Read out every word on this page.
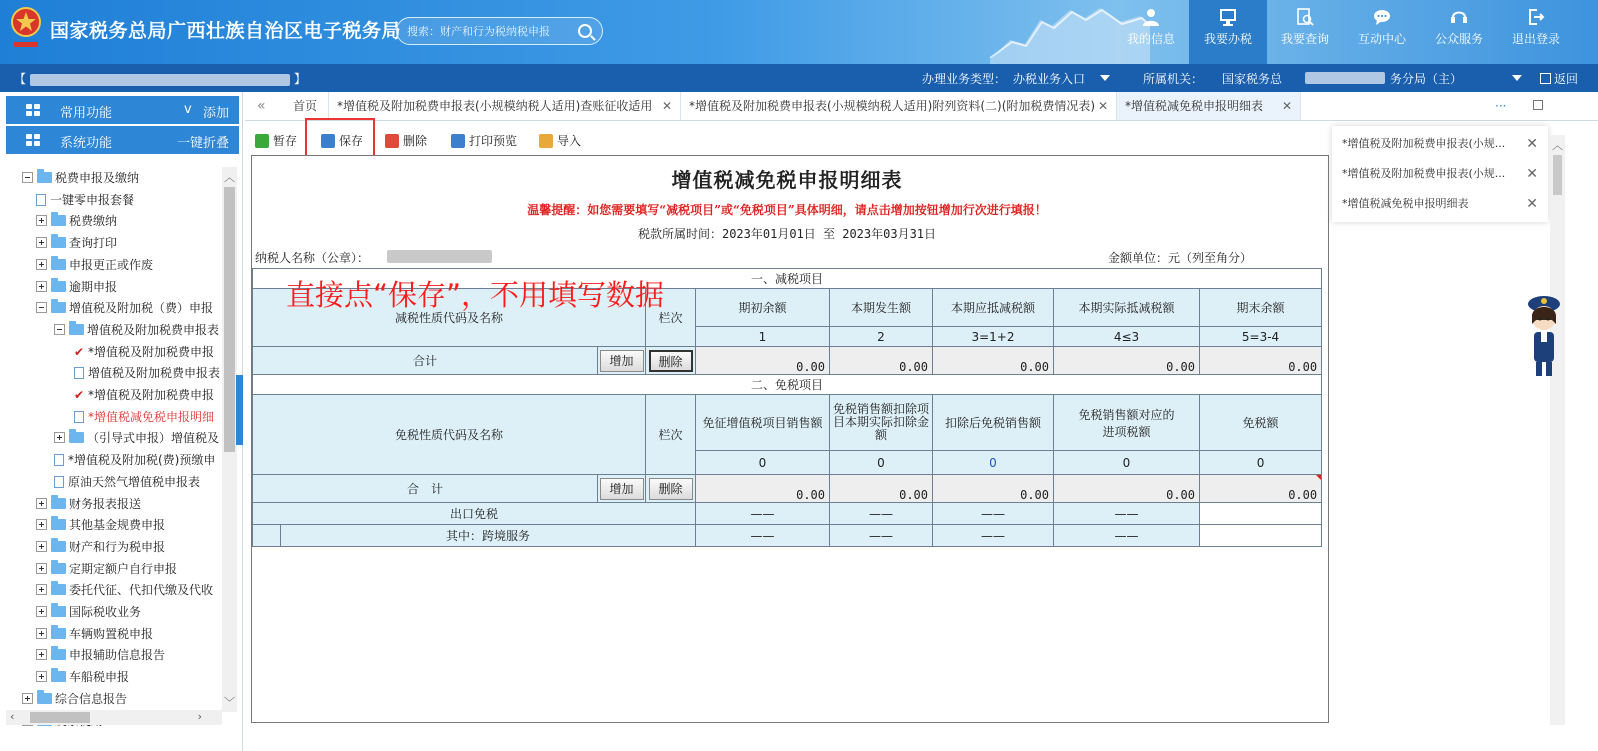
国家税务总局广西壮族自治区电子税务局
搜索：财产和行为税纳税申报	我的信息	我要办税	我要查询	互动中心	公众服务	退出登录
【	】	办理业务类型： 办税业务入口	所属机关： 国家税务总	务分局（主）	返回
常用功能	v 添加
系统功能	一键折叠
税费申报及缴纳
一键零申报套餐
税费缴纳
查询打印
申报更正或作废
逾期申报
增值税及附加税（费）申报
增值税及附加税费申报表
✔ *增值税及附加税费申报
增值税及附加税费申报表
✔ *增值税及附加税费申报
*增值税减免税申报明细
（引导式申报）增值税及
*增值税及附加税(费)预缴申
原油天然气增值税申报表
财务报表报送
其他基金规费申报
财产和行为税申报
定期定额户自行申报
委托代征、代扣代缴及代收
国际税收业务
车辆购置税申报
申报辅助信息报告
车船税申报
综合信息报告
︿
﹀
‹	›
«	首页	*增值税及附加税费申报表(小规模纳税人适用)查账征收适用 ✕	*增值税及附加税费申报表(小规模纳税人适用)附列资料(二)(附加税费情况表) ✕	*增值税减免税申报明细表 ✕	···
暂存	保存	删除	打印预览	导入
增值税减免税申报明细表
温馨提醒：如您需要填写“减税项目”或“免税项目”具体明细，请点击增加按钮增加行次进行填报！
税款所属时间：2023年01月01日 至 2023年03月31日
纳税人名称（公章）：	金额单位：元（列至角分）
直接点“保存”，不用填写数据	一、减税项目								
减税性质代码及名称			栏次	期初余额	本期发生额	本期应抵减税额	本期实际抵减税额	期末余额
				1	2	3=1+2	4≤3	5=3-4
合计		增加	删除	0.00	0.00	0.00	0.00	0.00
二、免税项目								
免税性质代码及名称			栏次	免征增值税项目销售额	免税销售额扣除项目本期实际扣除金额	扣除后免税销售额	免税销售额对应的进项税额	免税额
				0	0	0	0	0
合　计		增加	删除	0.00	0.00	0.00	0.00	0.00
出口免税				——	——	——	——	
	其中：跨境服务			——	——	——	——	
*增值税及附加税费申报表(小规... ✕
*增值税及附加税费申报表(小规... ✕
*增值税减免税申报明细表	✕
︿
